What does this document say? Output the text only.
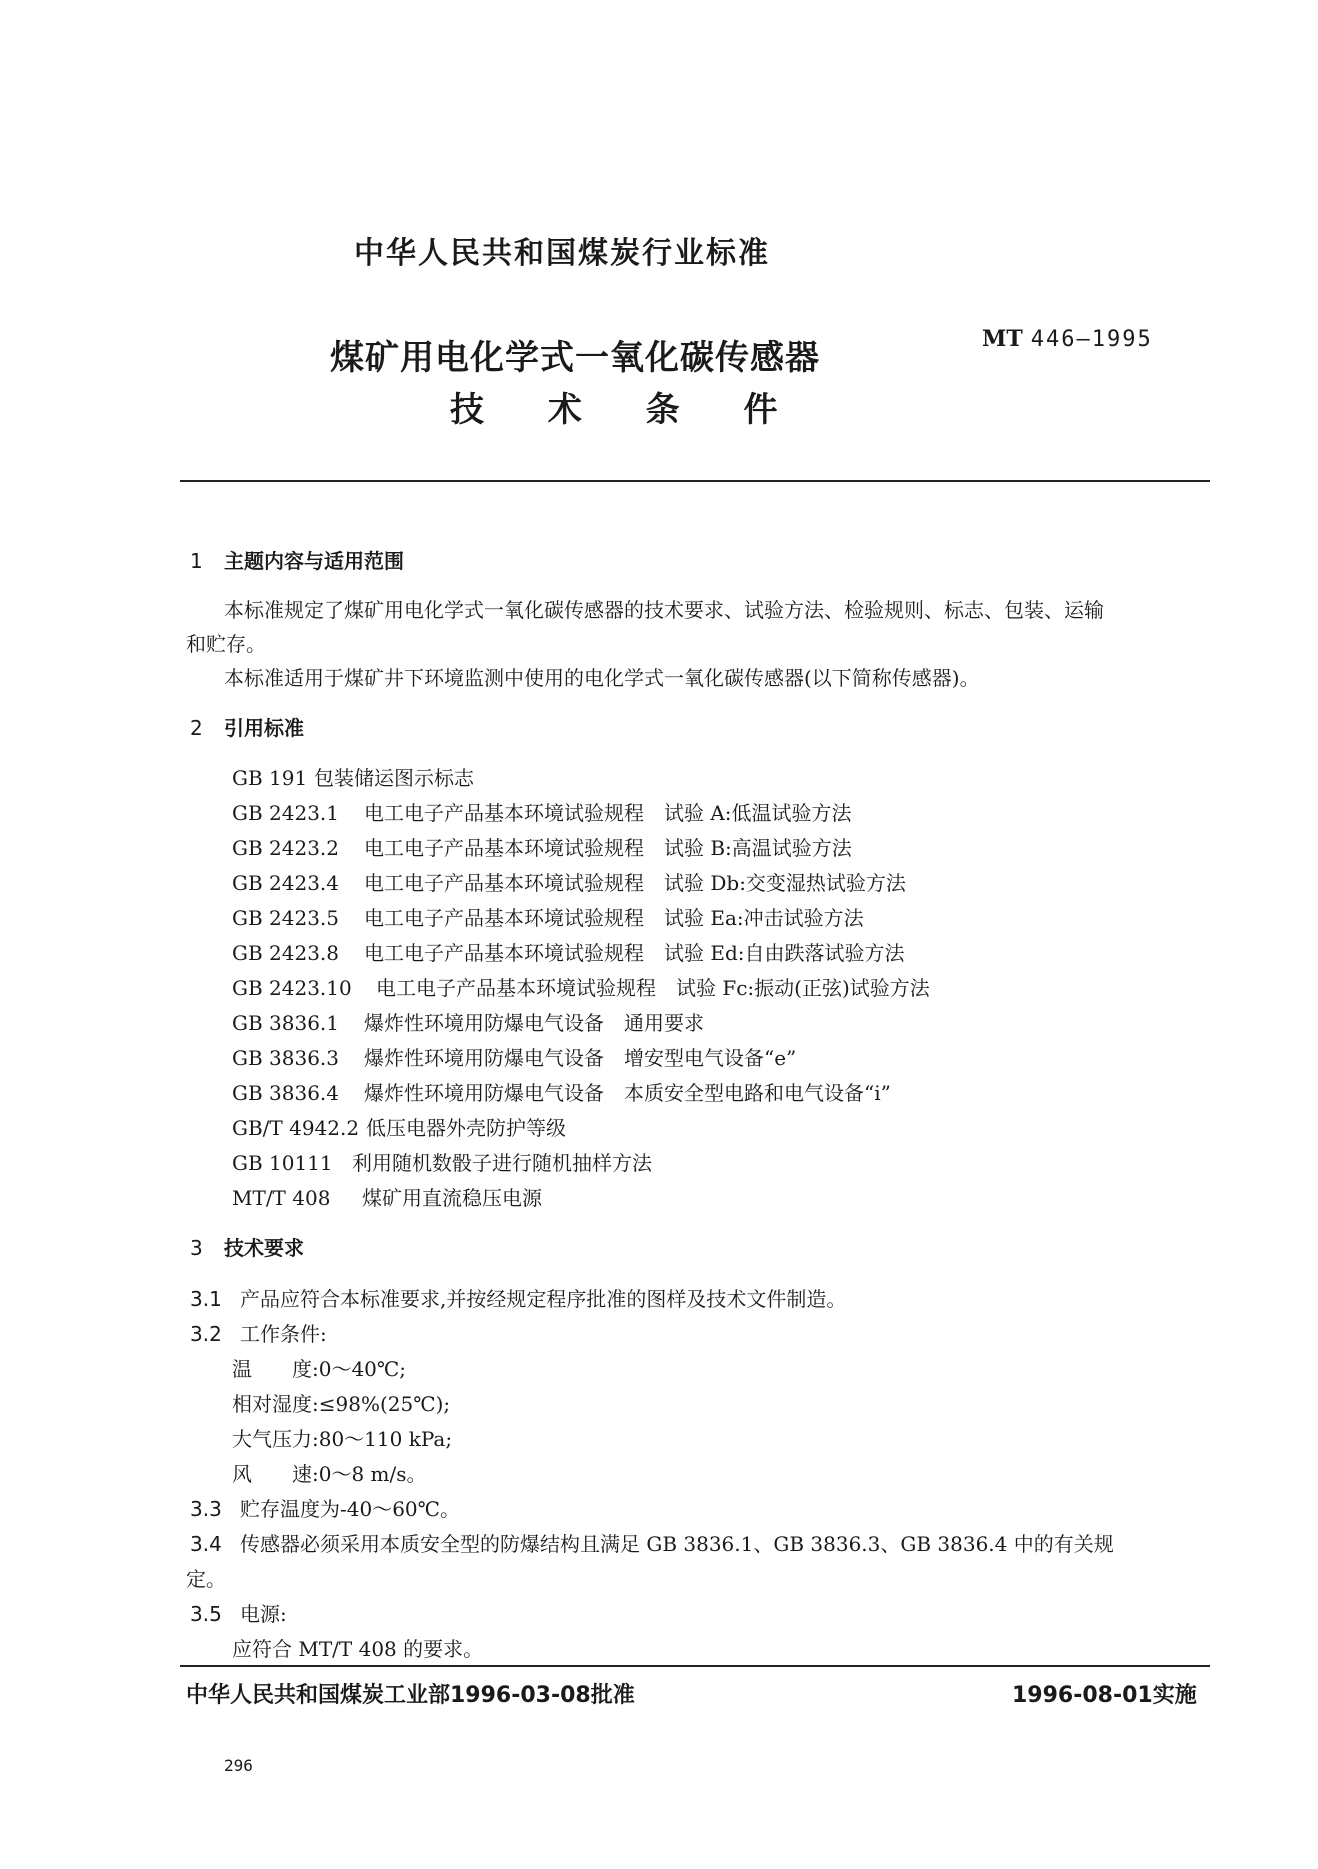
中华人民共和国煤炭行业标准
煤矿用电化学式一氧化碳传感器
技 术 条 件
MT 446—1995
1 主题内容与适用范围
本标准规定了煤矿用电化学式一氧化碳传感器的技术要求、试验方法、检验规则、标志、包装、运输
和贮存。
本标准适用于煤矿井下环境监测中使用的电化学式一氧化碳传感器(以下简称传感器)。
2 引用标准
GB 191 包装储运图示标志
GB 2423.1 电工电子产品基本环境试验规程　试验 A:低温试验方法
GB 2423.2 电工电子产品基本环境试验规程　试验 B:高温试验方法
GB 2423.4 电工电子产品基本环境试验规程　试验 Db:交变湿热试验方法
GB 2423.5 电工电子产品基本环境试验规程　试验 Ea:冲击试验方法
GB 2423.8 电工电子产品基本环境试验规程　试验 Ed:自由跌落试验方法
GB 2423.10 电工电子产品基本环境试验规程　试验 Fc:振动(正弦)试验方法
GB 3836.1 爆炸性环境用防爆电气设备　通用要求
GB 3836.3 爆炸性环境用防爆电气设备　增安型电气设备“e”
GB 3836.4 爆炸性环境用防爆电气设备　本质安全型电路和电气设备“i”
GB/T 4942.2 低压电器外壳防护等级
GB 10111 利用随机数骰子进行随机抽样方法
MT/T 408 煤矿用直流稳压电源
3 技术要求
3.1 产品应符合本标准要求,并按经规定程序批准的图样及技术文件制造。
3.2 工作条件:
温　　度:0～40℃;
相对湿度:≤98%(25℃);
大气压力:80～110 kPa;
风　　速:0～8 m/s。
3.3 贮存温度为-40～60℃。
3.4 传感器必须采用本质安全型的防爆结构且满足 GB 3836.1、GB 3836.3、GB 3836.4 中的有关规
定。
3.5 电源:
应符合 MT/T 408 的要求。
中华人民共和国煤炭工业部1996-03-08批准	1996-08-01实施
296
